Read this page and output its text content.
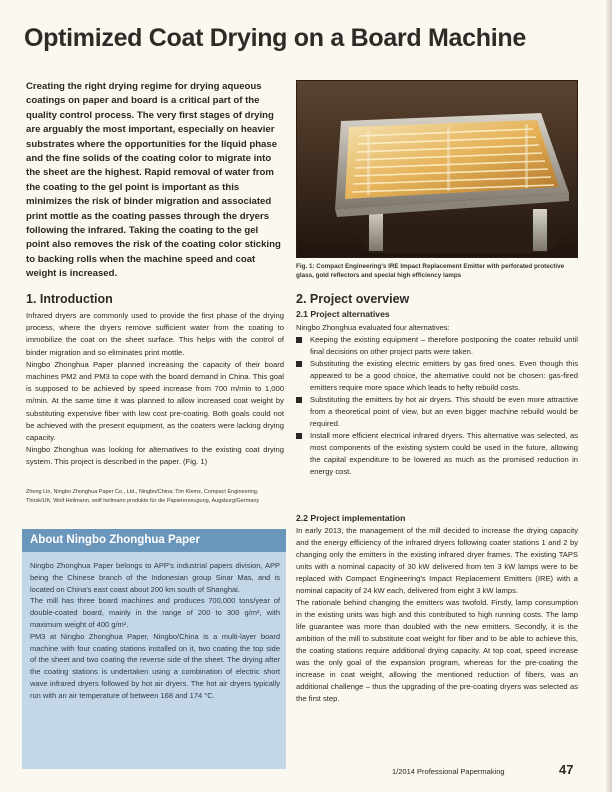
Optimized Coat Drying on a Board Machine

Creating the right drying regime for drying aqueous coatings on paper and board is a critical part of the quality control process. The very first stages of drying are arguably the most important, especially on heavier substrates where the opportunities for the liquid phase and the fine solids of the coating color to migrate into the sheet are the highest. Rapid removal of water from the coating to the gel point is important as this minimizes the risk of binder migration and associated print mottle as the coating passes through the dryers following the infrared. Taking the coating to the gel point also removes the risk of the coating color sticking to backing rolls when the machine speed and coat weight is increased.

Fig. 1: Compact Engineering's IRE Impact Replacement Emitter with perforated protective glass, gold reflectors and special high efficiency lamps

1. Introduction

Infrared dryers are commonly used to provide the first phase of the drying process, where the dryers remove sufficient water from the coating to immobilize the coat on the sheet surface. This helps with the control of binder migration and so eliminates print mottle.

Ningbo Zhonghua Paper planned increasing the capacity of their board machines PM2 and PM3 to cope with the board demand in China. This goal is supposed to be achieved by speed increase from 700 m/min to 1,000 m/min. At the same time it was planned to allow increased coat weight by substituting expensive fiber with low cost pre-coating. Both goals could not be achieved with the present equipment, as the coaters were lacking drying capacity.

Ningbo Zhonghua was looking for alternatives to the existing coat drying system. This project is described in the paper. (Fig. 1)

Zheng Lin, Ningbo Zhonghua Paper Co., Ltd., Ningbo/China; Tim Klemz, Compact Engineering, Thirsk/UK; Wolf Heilmann, wolf heilmann produkte für die Papiererzeugung, Augsburg/Germany

About Ningbo Zhonghua Paper

Ningbo Zhonghua Paper belongs to APP's industrial papers division, APP being the Chinese branch of the Indonesian group Sinar Mas, and is located on China's east coast about 200 km south of Shanghai.

The mill has three board machines and produces 700,000 tons/year of double-coated board, mainly in the range of 200 to 300 g/m², with maximum weight of 400 g/m².

PM3 at Ningbo Zhonghua Paper, Ningbo/China is a multi-layer board machine with four coating stations installed on it, two coating the top side of the sheet and two coating the reverse side of the sheet. The drying after the coating stations is undertaken using a combination of electric short wave infrared dryers followed by hot air dryers. The hot air dryers typically run with an air temperature of between 168 and 174 °C.

2. Project overview
2.1 Project alternatives

Ningbo Zhonghua evaluated four alternatives:

Keeping the existing equipment – therefore postponing the coater rebuild until final decisions on other project parts were taken.
Substituting the existing electric emitters by gas fired ones. Even though this appeared to be a good choice, the alternative could not be chosen: gas-fired emitters require more space which leads to hefty rebuild costs.
Substituting the emitters by hot air dryers. This should be even more attractive from a theoretical point of view, but an even bigger machine rebuild would be required.
Install more efficient electrical infrared dryers. This alternative was selected, as most components of the existing system could be used in the future, allowing the capital expenditure to be lowered as much as the promised reduction in energy cost.
2.2 Project implementation

In early 2013, the management of the mill decided to increase the drying capacity and the energy efficiency of the infrared dryers following coater stations 1 and 2 by changing only the emitters in the existing infrared dryer frames. The existing TAPS units with a nominal capacity of 30 kW delivered from ten 3 kW lamps were to be replaced with Compact Engineering's Impact Replacement Emitters (IRE) with a nominal capacity of 24 kW each, delivered from eight 3 kW lamps.

The rationale behind changing the emitters was twofold. Firstly, lamp consumption in the existing units was high and this contributed to high running costs. The lamp life guarantee was more than doubled with the new emitters. Secondly, it is the ambition of the mill to substitute coat weight for fiber and to be able to achieve this, the coating stations require additional drying capacity. At top coat, speed increase was the only goal of the expansion program, whereas for the pre-coating the increase in coat weight, allowing the mentioned reduction of fibers, was an additional challenge – thus the upgrading of the pre-coating dryers was selected as the first step.

1/2014 Professional Papermaking	47
